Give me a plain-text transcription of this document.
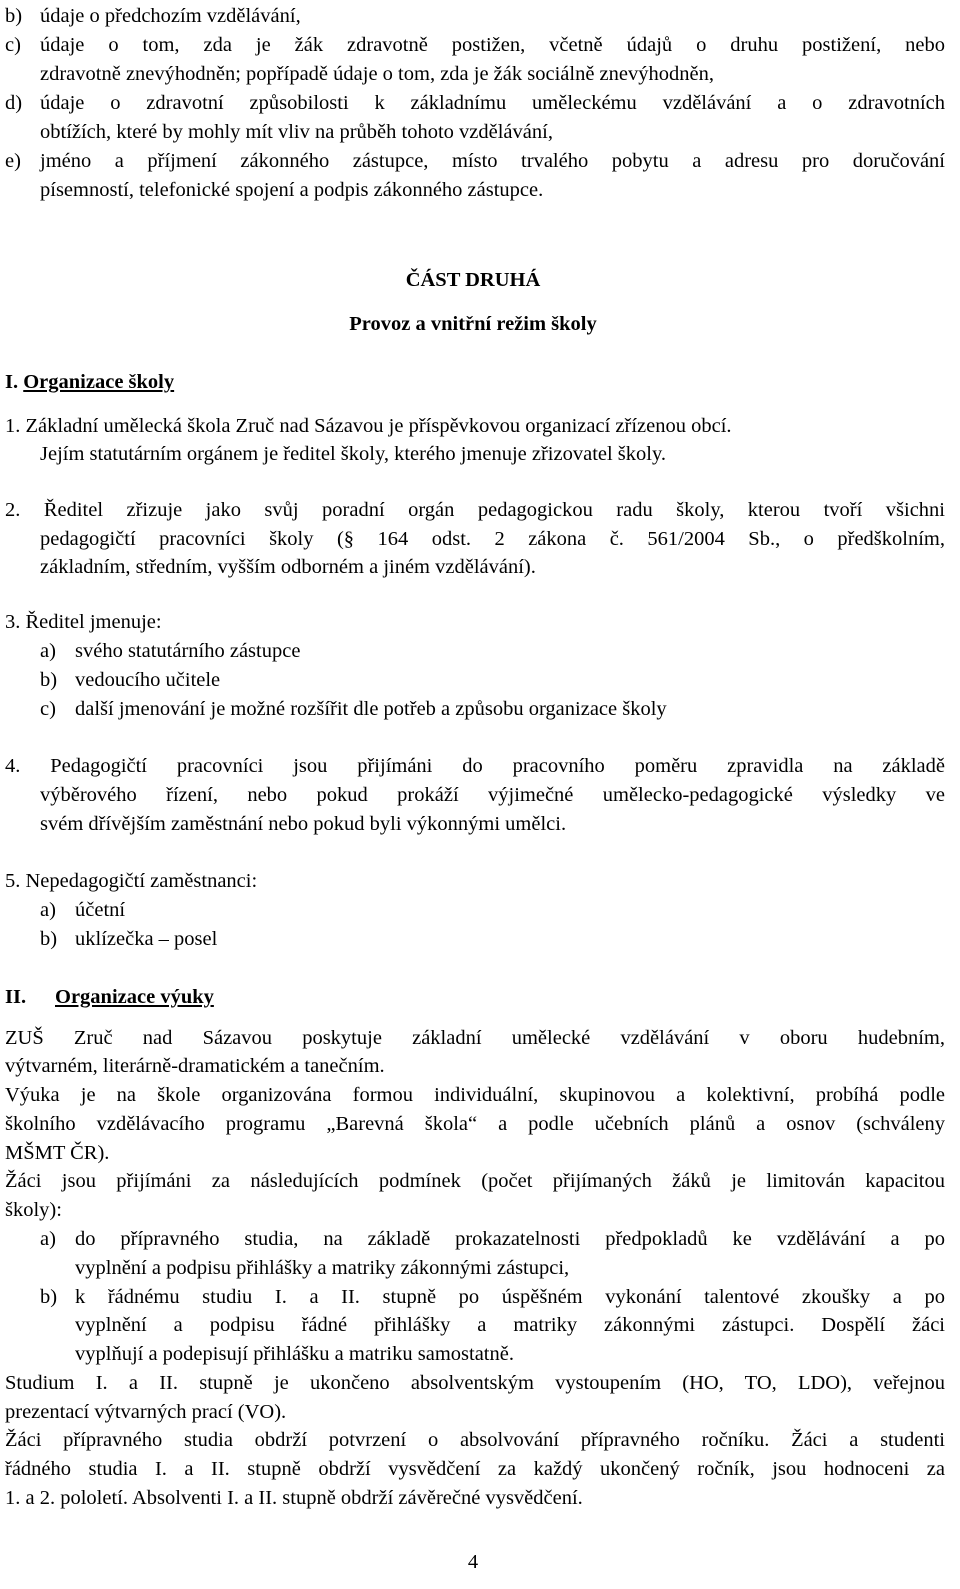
b) údaje o předchozím vzdělávání,
c) údaje o tom, zda je žák zdravotně postižen, včetně údajů o druhu postižení, nebo
zdravotně znevýhodněn; popřípadě údaje o tom, zda je žák sociálně znevýhodněn,
d) údaje o zdravotní způsobilosti k základnímu uměleckému vzdělávání a o zdravotních
obtížích, které by mohly mít vliv na průběh tohoto vzdělávání,
e) jméno a příjmení zákonného zástupce, místo trvalého pobytu a adresu pro doručování
písemností, telefonické spojení a podpis zákonného zástupce.
ČÁST DRUHÁ
Provoz a vnitřní režim školy
I. Organizace školy
1. Základní umělecká škola Zruč nad Sázavou je příspěvkovou organizací zřízenou obcí.
Jejím statutárním orgánem je ředitel školy, kterého jmenuje zřizovatel školy.
2. Ředitel zřizuje jako svůj poradní orgán pedagogickou radu školy, kterou tvoří všichni
pedagogičtí pracovníci školy (§ 164 odst. 2 zákona č. 561/2004 Sb., o předškolním,
základním, středním, vyšším odborném a jiném vzdělávání).
3. Ředitel jmenuje:
a) svého statutárního zástupce
b) vedoucího učitele
c) další jmenování je možné rozšířit dle potřeb a způsobu organizace školy
4. Pedagogičtí pracovníci jsou přijímáni do pracovního poměru zpravidla na základě
výběrového řízení, nebo pokud prokáží výjimečné umělecko-pedagogické výsledky ve
svém dřívějším zaměstnání nebo pokud byli výkonnými umělci.
5. Nepedagogičtí zaměstnanci:
a) účetní
b) uklízečka – posel
II. Organizace výuky
ZUŠ Zruč nad Sázavou poskytuje základní umělecké vzdělávání v oboru hudebním,
výtvarném, literárně-dramatickém a tanečním.
Výuka je na škole organizována formou individuální, skupinovou a kolektivní, probíhá podle
školního vzdělávacího programu „Barevná škola“ a podle učebních plánů a osnov (schváleny
MŠMT ČR).
Žáci jsou přijímáni za následujících podmínek (počet přijímaných žáků je limitován kapacitou
školy):
a) do přípravného studia, na základě prokazatelnosti předpokladů ke vzdělávání a po
vyplnění a podpisu přihlášky a matriky zákonnými zástupci,
b) k řádnému studiu I. a II. stupně po úspěšném vykonání talentové zkoušky a po
vyplnění a podpisu řádné přihlášky a matriky zákonnými zástupci. Dospělí žáci
vyplňují a podepisují přihlášku a matriku samostatně.
Studium I. a II. stupně je ukončeno absolventským vystoupením (HO, TO, LDO), veřejnou
prezentací výtvarných prací (VO).
Žáci přípravného studia obdrží potvrzení o absolvování přípravného ročníku. Žáci a studenti
řádného studia I. a II. stupně obdrží vysvědčení za každý ukončený ročník, jsou hodnoceni za
1. a 2. pololetí. Absolventi I. a II. stupně obdrží závěrečné vysvědčení.
4
